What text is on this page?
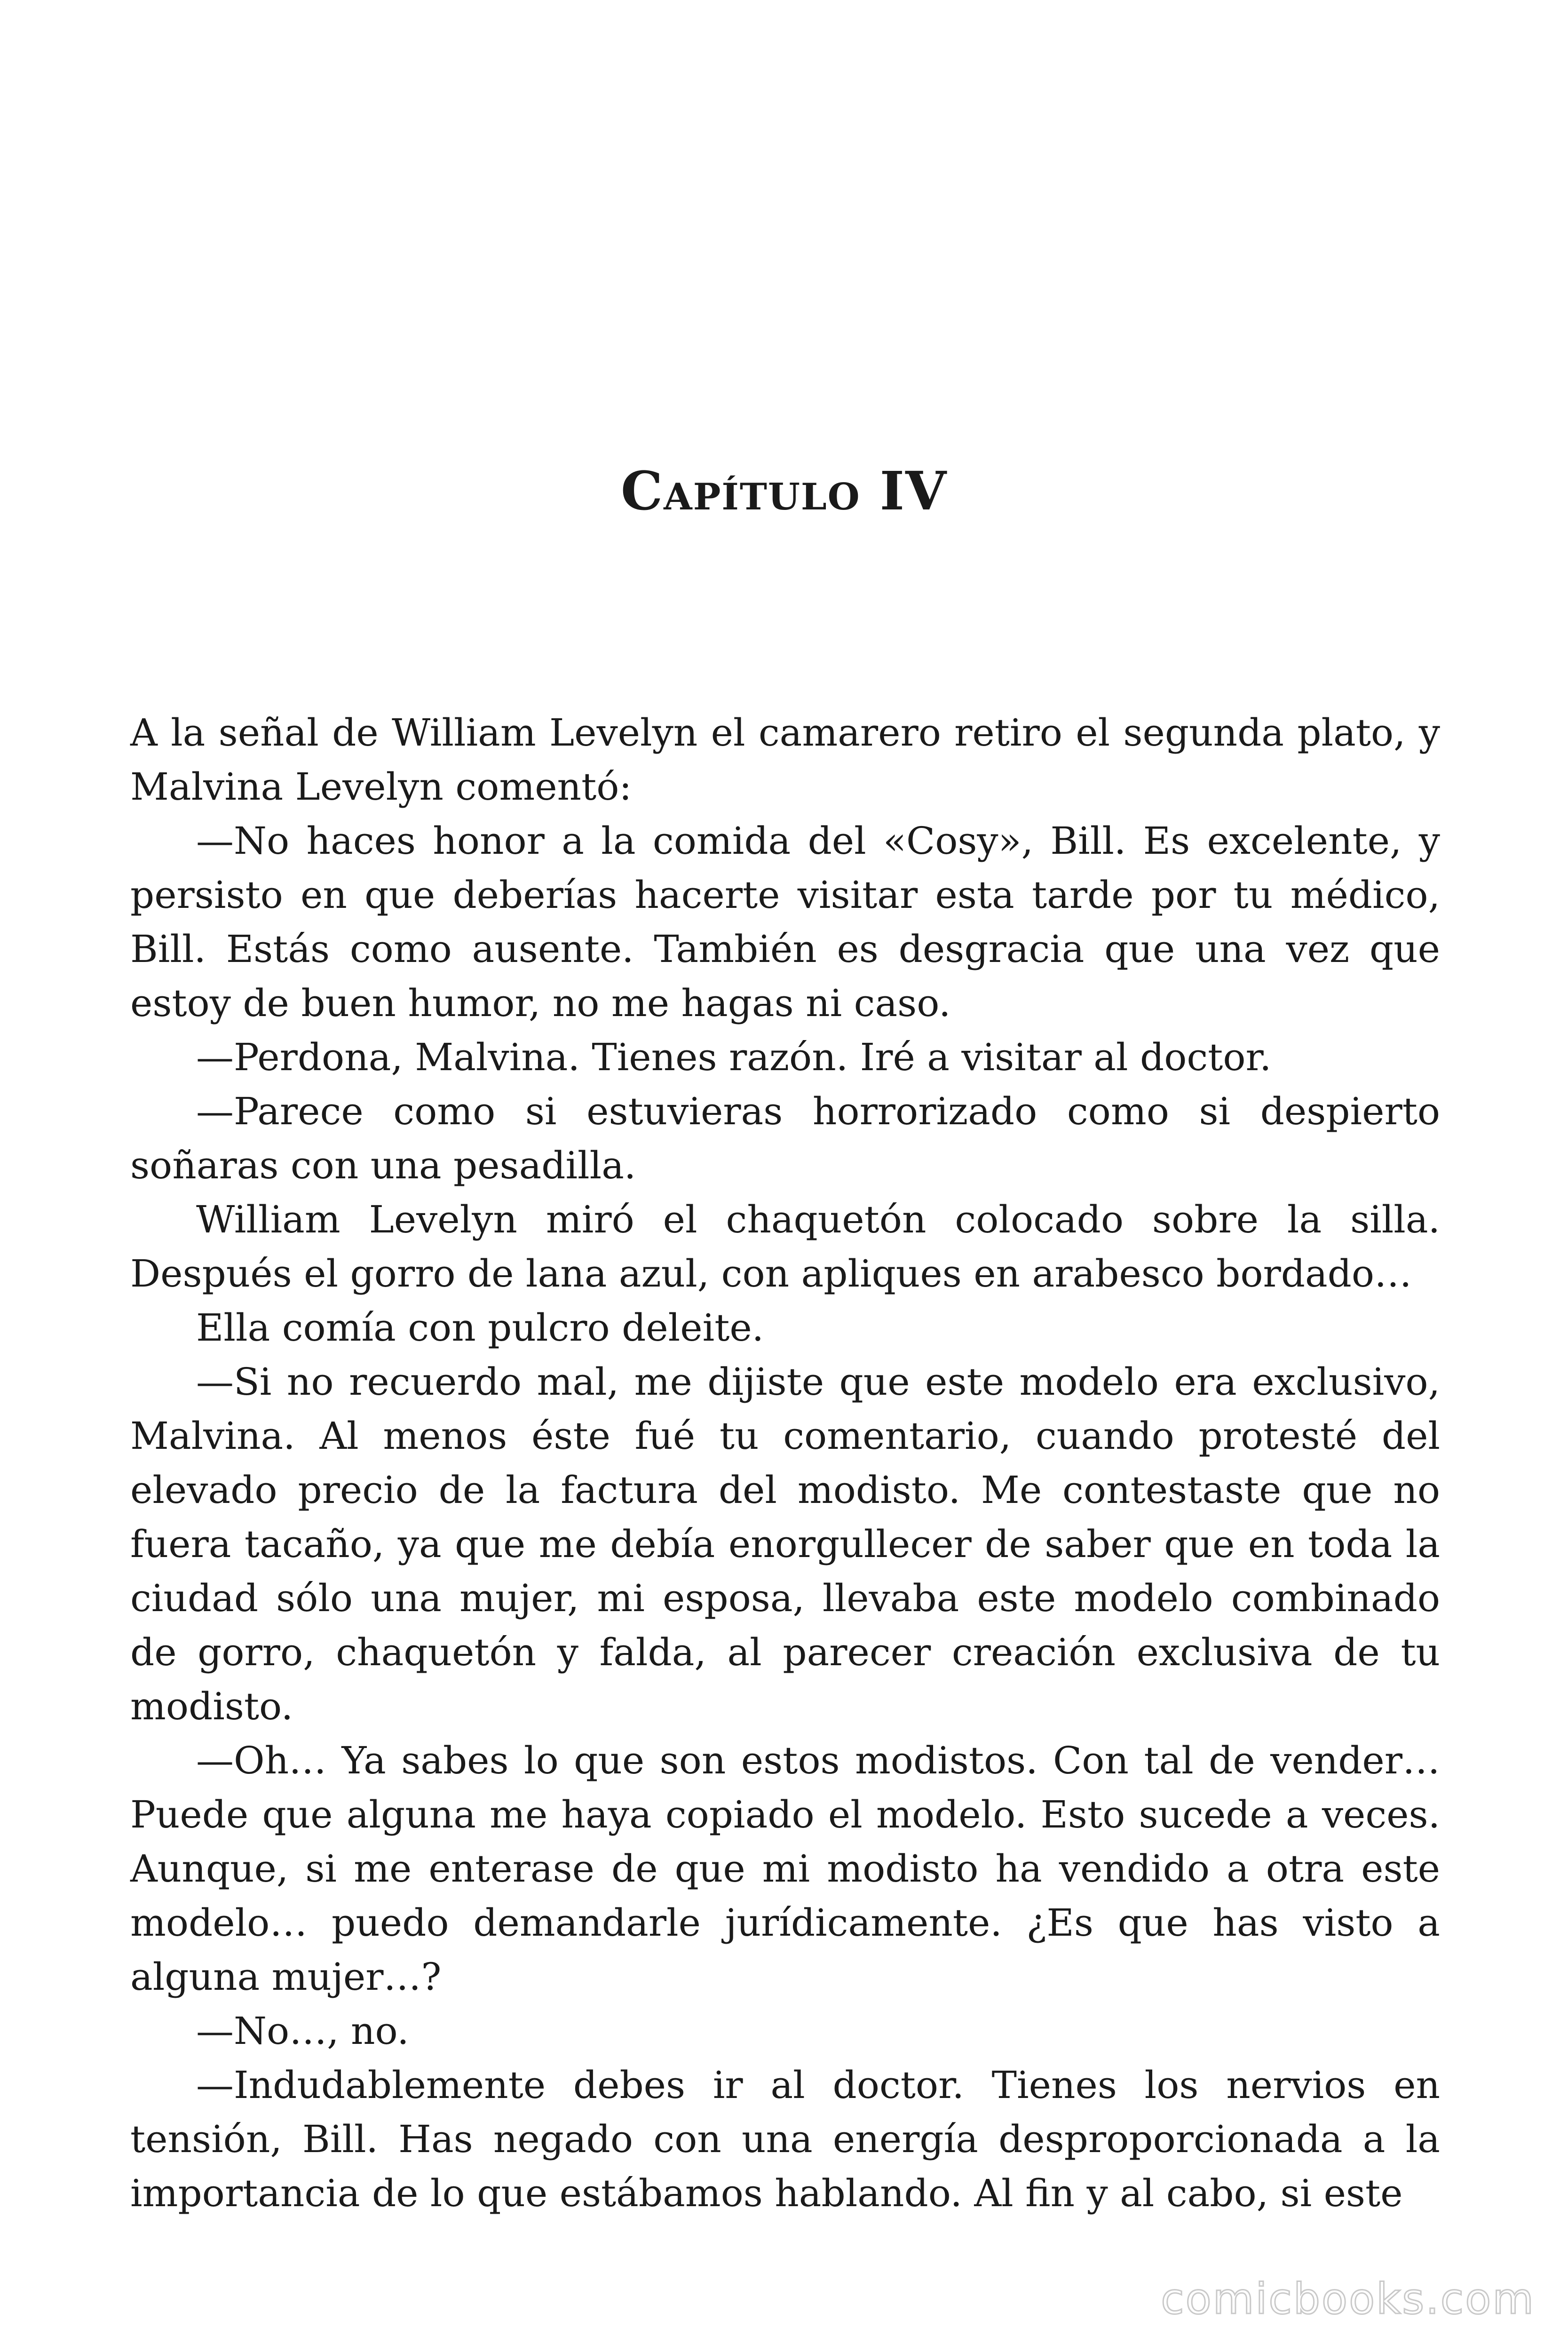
Capítulo IV

A la señal de William Levelyn el camarero retiro el segunda plato, y Malvina Levelyn comentó:

—No haces honor a la comida del «Cosy», Bill. Es excelente, y persisto en que deberías hacerte visitar esta tarde por tu médico, Bill. Estás como ausente. También es desgracia que una vez que estoy de buen humor, no me hagas ni caso.

—Perdona, Malvina. Tienes razón. Iré a visitar al doctor.

—Parece como si estuvieras horrorizado como si despierto soñaras con una pesadilla.

William Levelyn miró el chaquetón colocado sobre la silla. Después el gorro de lana azul, con apliques en arabesco bordado…

Ella comía con pulcro deleite.

—Si no recuerdo mal, me dijiste que este modelo era exclusivo, Malvina. Al menos éste fué tu comentario, cuando protesté del elevado precio de la factura del modisto. Me contestaste que no fuera tacaño, ya que me debía enorgullecer de saber que en toda la ciudad sólo una mujer, mi esposa, llevaba este modelo combinado de gorro, chaquetón y falda, al parecer creación exclusiva de tu modisto.

—Oh… Ya sabes lo que son estos modistos. Con tal de vender… Puede que alguna me haya copiado el modelo. Esto sucede a veces. Aunque, si me enterase de que mi modisto ha vendido a otra este modelo… puedo demandarle jurídicamente. ¿Es que has visto a alguna mujer…?

—No…, no.

—Indudablemente debes ir al doctor. Tienes los nervios en tensión, Bill. Has negado con una energía desproporcionada a la importancia de lo que estábamos hablando. Al fin y al cabo, si este

comicbooks.com
